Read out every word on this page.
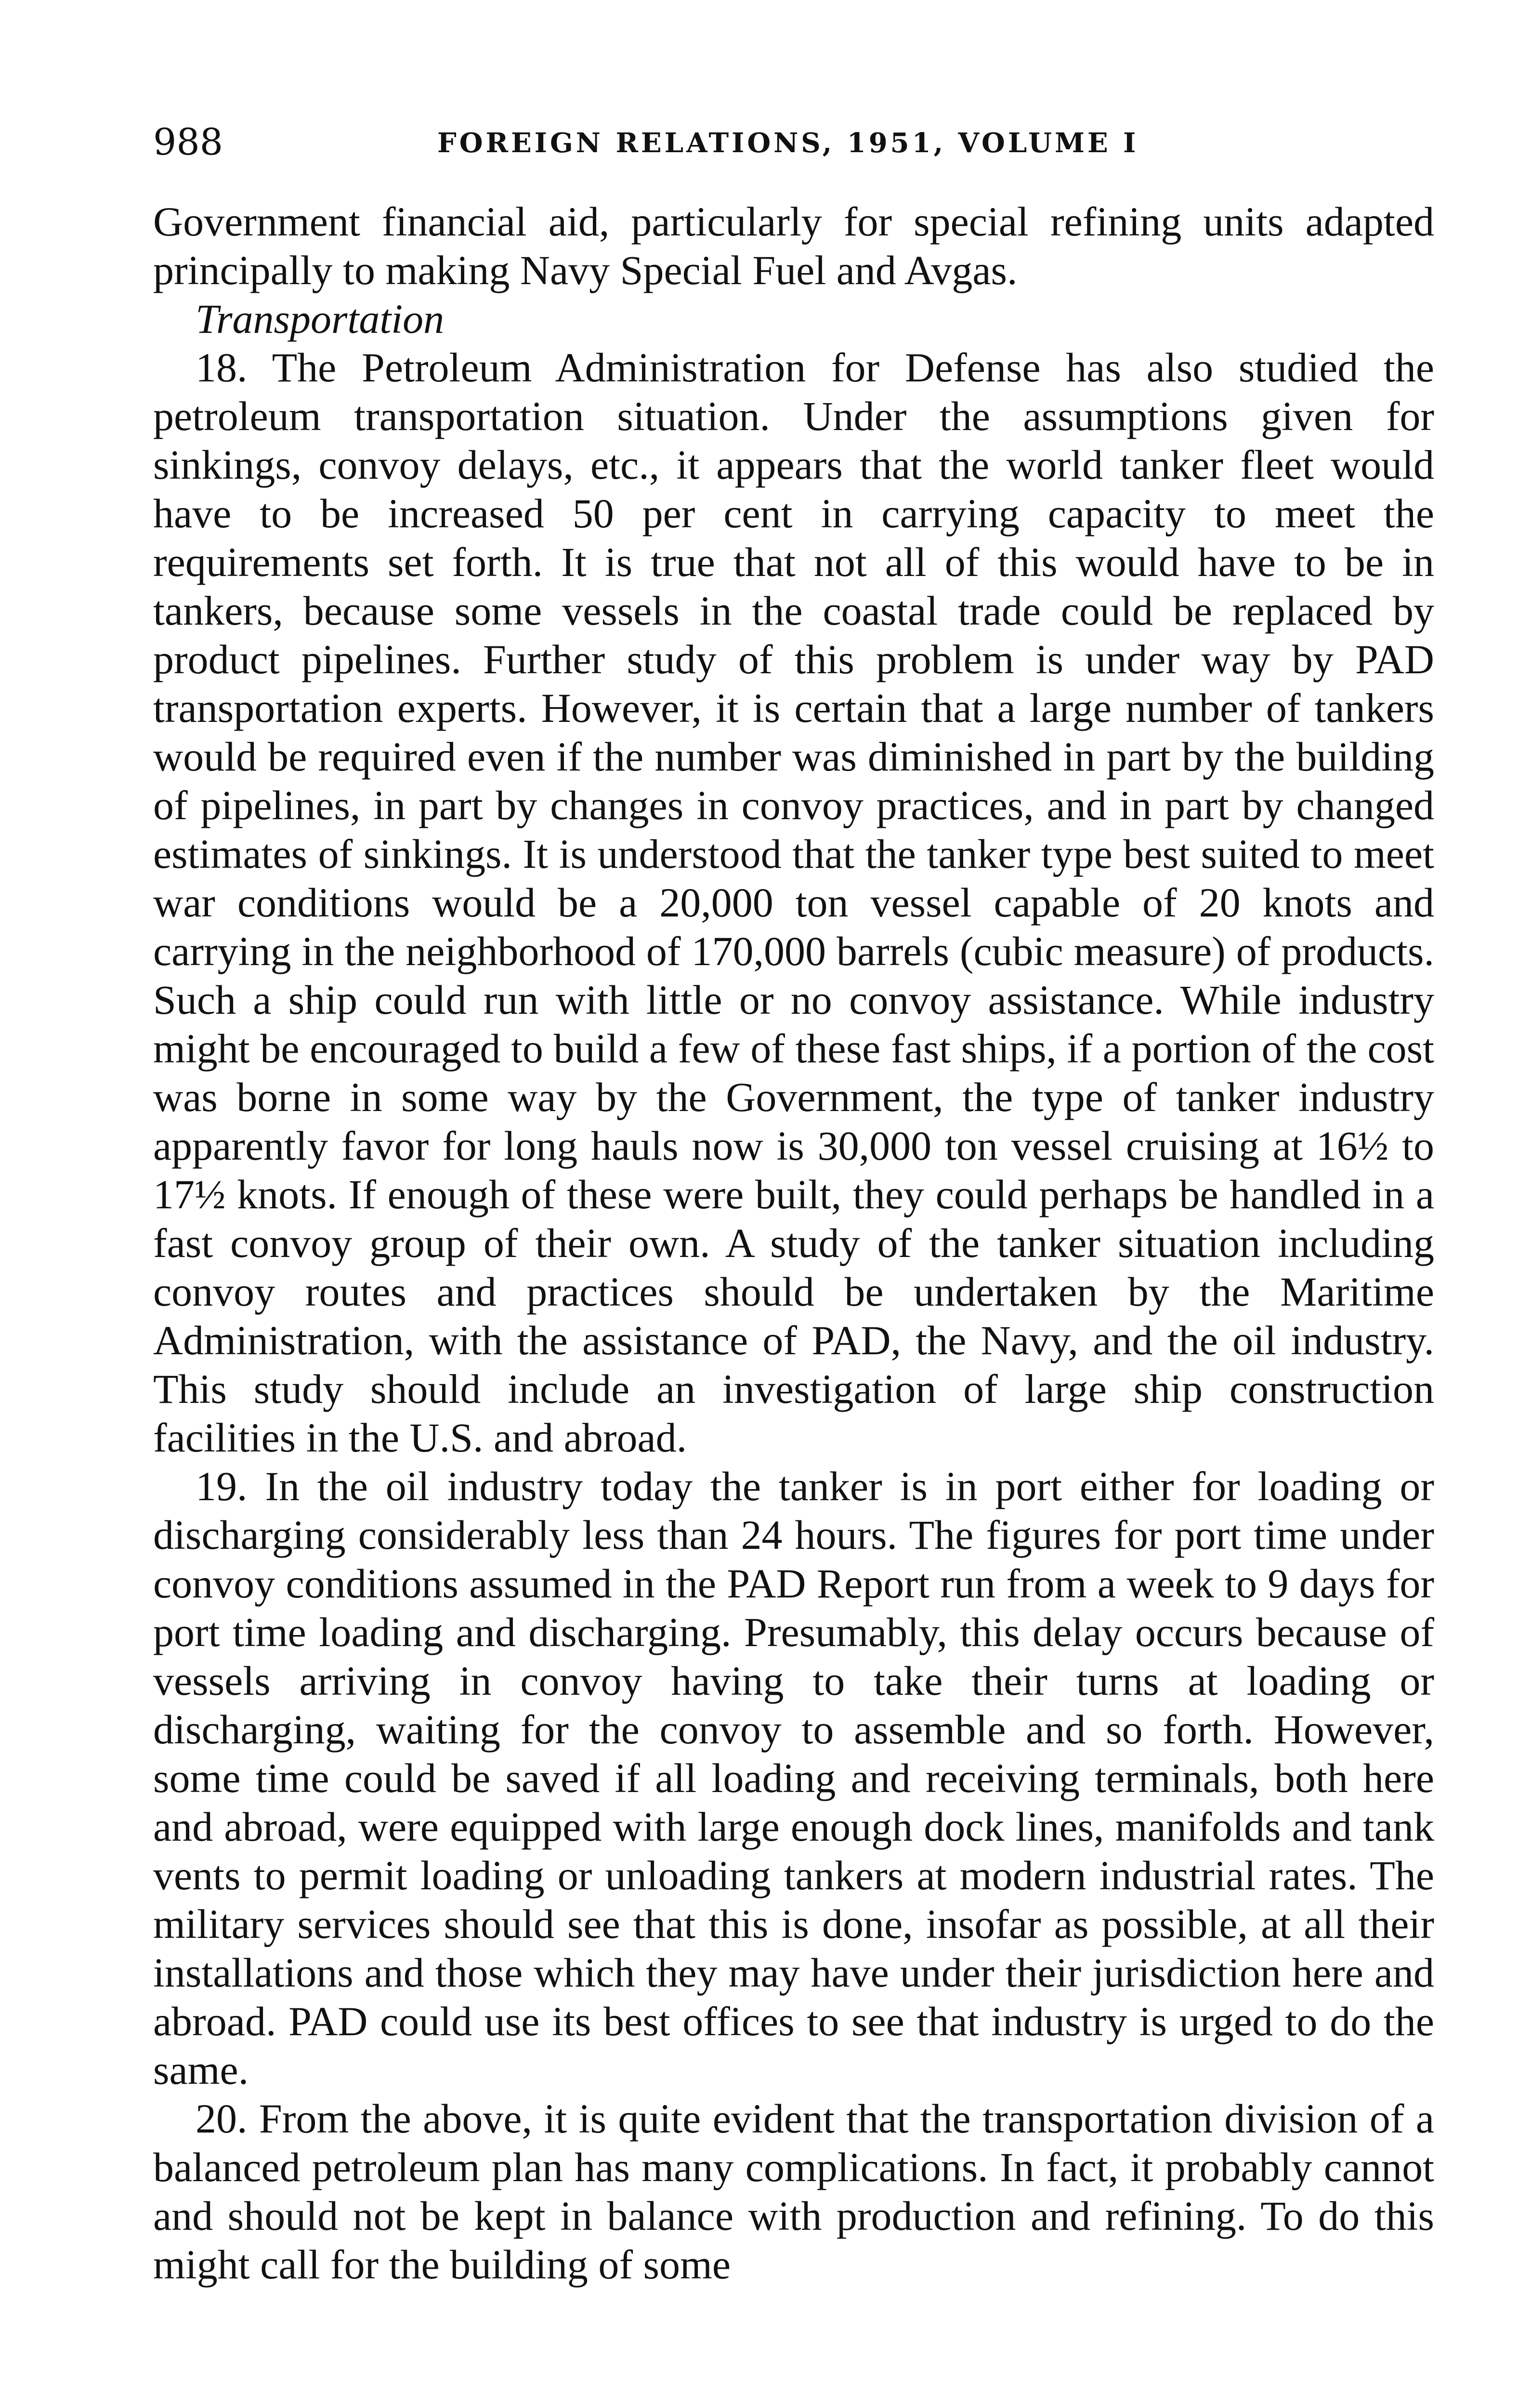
988	FOREIGN RELATIONS, 1951, VOLUME I

Government financial aid, particularly for special refining units adapted principally to making Navy Special Fuel and Avgas.

Transportation

18. The Petroleum Administration for Defense has also studied the petroleum transportation situation. Under the assumptions given for sinkings, convoy delays, etc., it appears that the world tanker fleet would have to be increased 50 per cent in carrying capacity to meet the requirements set forth. It is true that not all of this would have to be in tankers, because some vessels in the coastal trade could be replaced by product pipelines. Further study of this problem is under way by PAD transportation experts. However, it is certain that a large number of tankers would be required even if the number was diminished in part by the building of pipelines, in part by changes in convoy practices, and in part by changed estimates of sinkings. It is understood that the tanker type best suited to meet war conditions would be a 20,000 ton vessel capable of 20 knots and carrying in the neighborhood of 170,000 barrels (cubic measure) of products. Such a ship could run with little or no convoy assistance. While industry might be encouraged to build a few of these fast ships, if a portion of the cost was borne in some way by the Government, the type of tanker industry apparently favor for long hauls now is 30,000 ton vessel cruising at 16½ to 17½ knots. If enough of these were built, they could perhaps be handled in a fast convoy group of their own. A study of the tanker situation including convoy routes and practices should be undertaken by the Maritime Administration, with the assistance of PAD, the Navy, and the oil industry. This study should include an investigation of large ship construction facilities in the U.S. and abroad.

19. In the oil industry today the tanker is in port either for loading or discharging considerably less than 24 hours. The figures for port time under convoy conditions assumed in the PAD Report run from a week to 9 days for port time loading and discharging. Presumably, this delay occurs because of vessels arriving in convoy having to take their turns at loading or discharging, waiting for the convoy to assemble and so forth. However, some time could be saved if all loading and receiving terminals, both here and abroad, were equipped with large enough dock lines, manifolds and tank vents to permit loading or unloading tankers at modern industrial rates. The military services should see that this is done, insofar as possible, at all their installations and those which they may have under their jurisdiction here and abroad. PAD could use its best offices to see that industry is urged to do the same.

20. From the above, it is quite evident that the transportation division of a balanced petroleum plan has many complications. In fact, it probably cannot and should not be kept in balance with production and refining. To do this might call for the building of some
